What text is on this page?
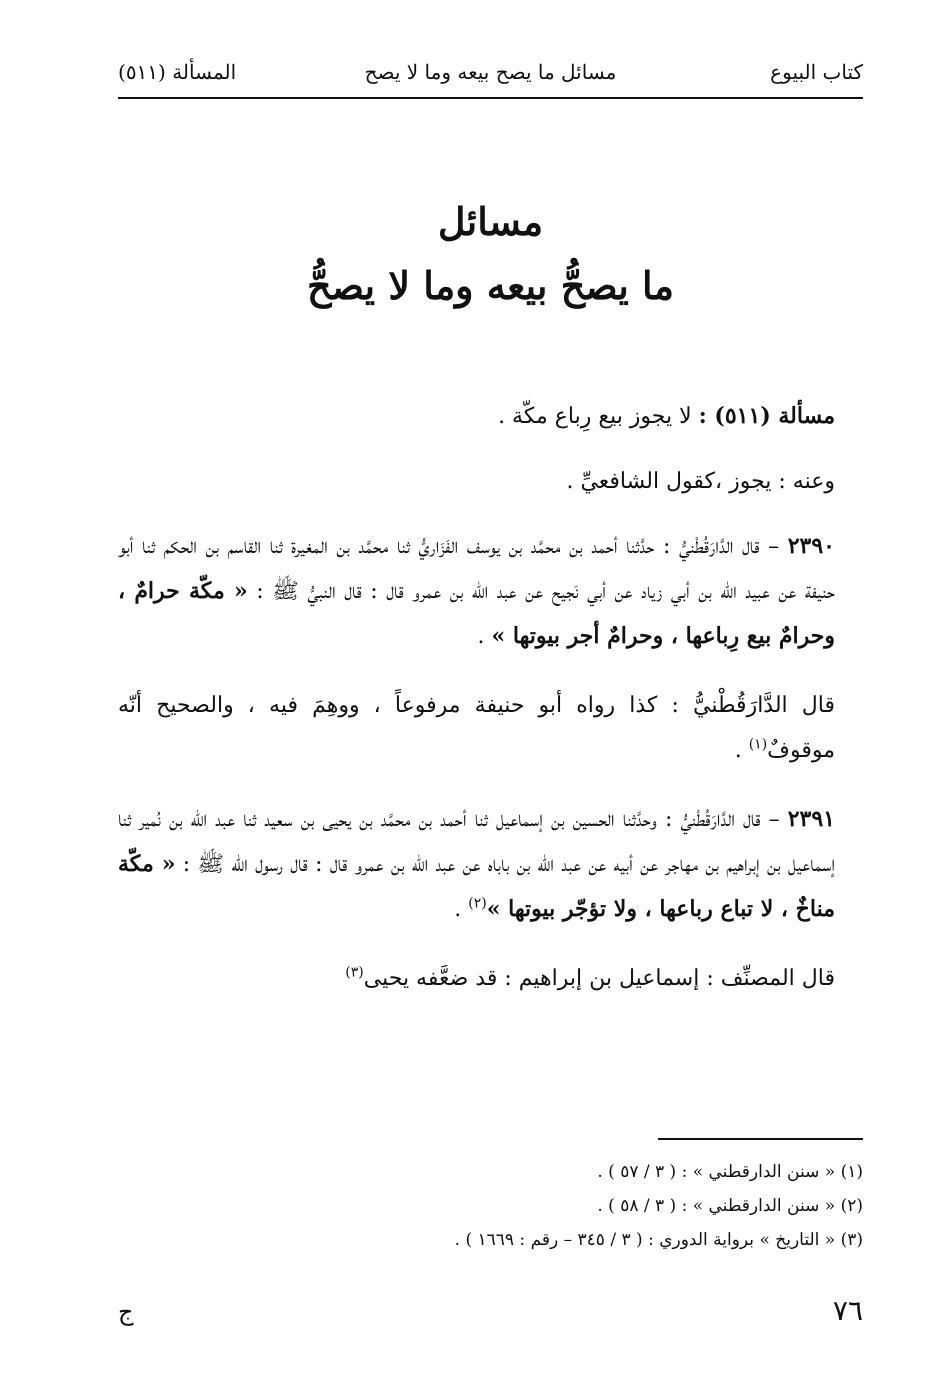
كتاب البيوع
مسائل ما يصح بيعه وما لا يصح
المسألة (٥١١)
مسائل
ما يصحُّ بيعه وما لا يصحُّ

مسألة (٥١١) : لا يجوز بيع رِباع مكّة .

وعنه : يجوز ،كقول الشافعيِّ .

٢٣٩٠ – قال الدَّارَقُطْنيُّ : حدَّثنا أحمد بن محمَّد بن يوسف الفَزَاريُّ ثنا محمَّد بن المغيرة ثنا القاسم بن الحكم ثنا أبو حنيفة عن عبيد الله بن أبي زياد عن أبي نَجيح عن عبد الله بن عمرو قال : قال النبيُّ ﷺ : « مكّة حرامٌ ، وحرامٌ بيع رِباعها ، وحرامٌ أجر بيوتها » .

قال الدَّارَقُطْنيُّ : كذا رواه أبو حنيفة مرفوعاً ، ووهِمَ فيه ، والصحيح أنّه موقوفٌ$^{(١)}$ .

٢٣٩١ – قال الدَّارَقُطْنيُّ : وحدَّثنا الحسين بن إسماعيل ثنا أحمد بن محمَّد بن يحيى بن سعيد ثنا عبد الله بن نُمير ثنا إسماعيل بن إبراهيم بن مهاجر عن أبيه عن عبد الله بن باباه عن عبد الله بن عمرو قال : قال رسول الله ﷺ : « مكّة مناخٌ ، لا تباع رباعها ، ولا تؤجّر بيوتها »$^{(٢)}$ .

قال المصنِّف : إسماعيل بن إبراهيم : قد ضعَّفه يحيى$^{(٣)}$

(١) « سنن الدارقطني » : ( ٣ / ٥٧ ) .
(٢) « سنن الدارقطني » : ( ٣ / ٥٨ ) .
(٣) « التاريخ » برواية الدوري : ( ٣ / ٣٤٥ – رقم : ١٦٦٩ ) .
٧٦
ج
